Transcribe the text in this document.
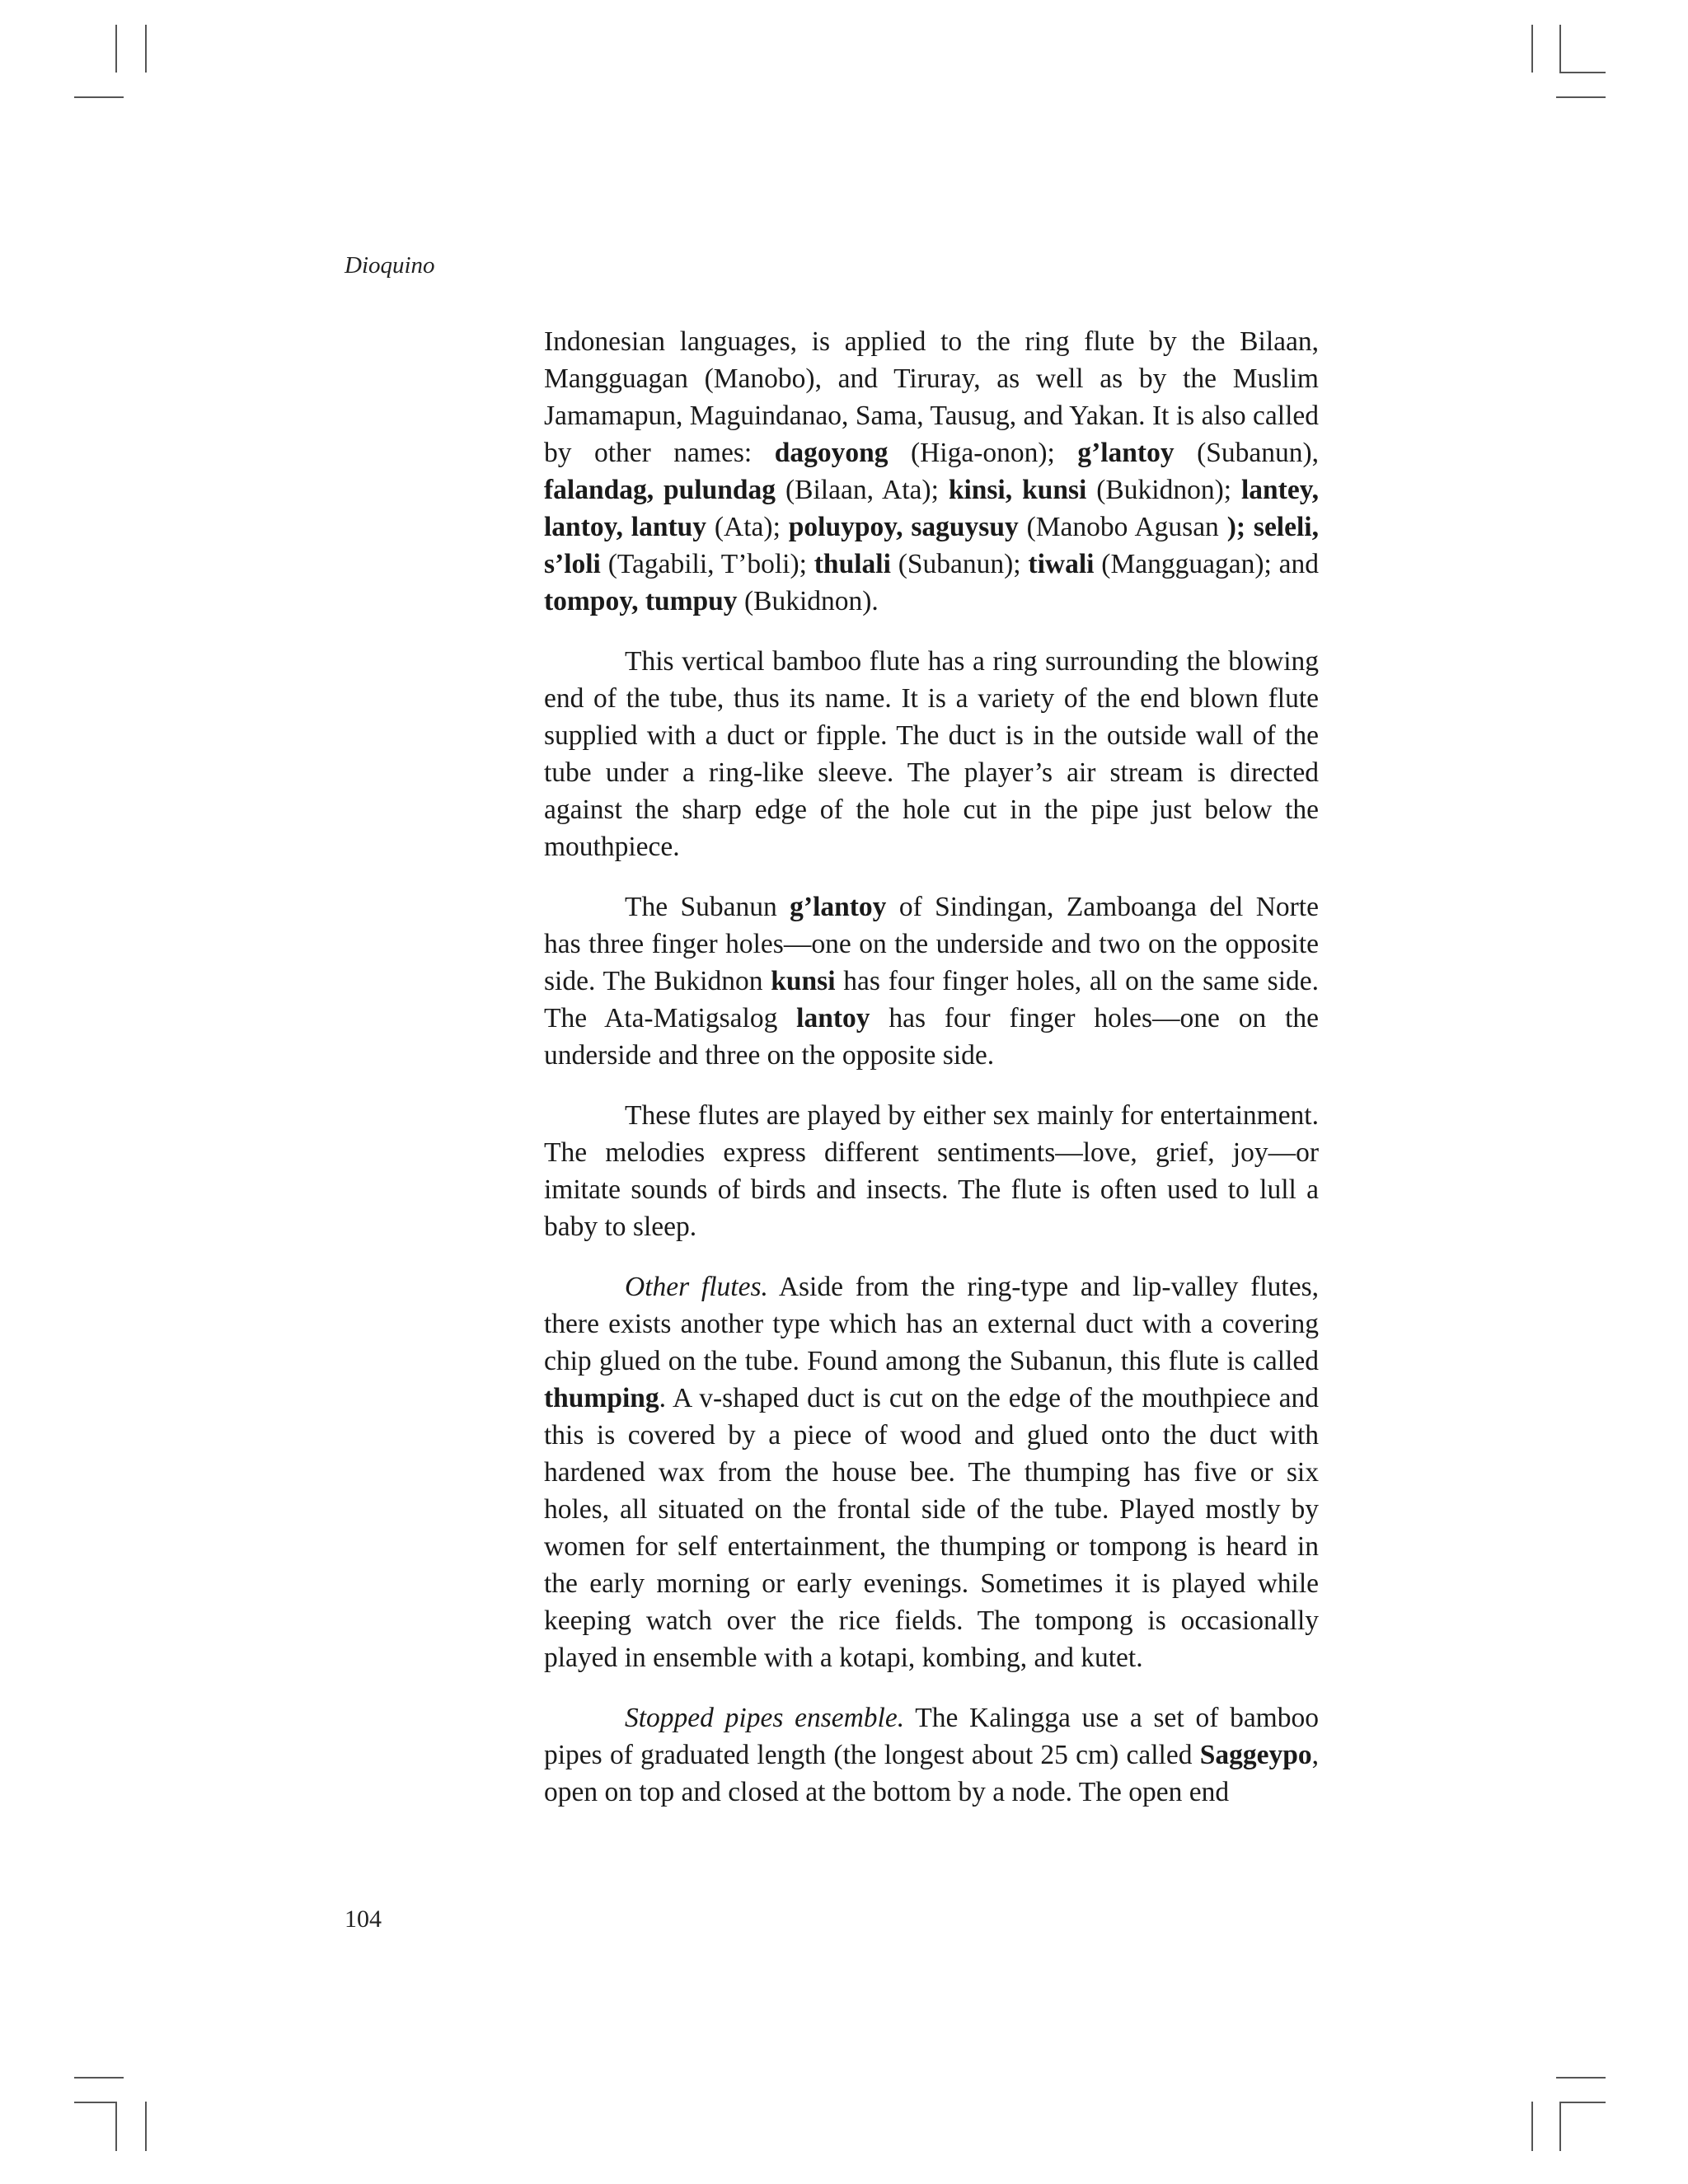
Dioquino

Indonesian languages, is applied to the ring flute by the Bilaan, Mangguagan (Manobo), and Tiruray, as well as by the Muslim Jamamapun, Maguindanao, Sama, Tausug, and Yakan. It is also called by other names: dagoyong (Higa-onon); g’lantoy (Subanun), falandag, pulundag (Bilaan, Ata); kinsi, kunsi (Bukidnon); lantey, lantoy, lantuy (Ata); poluypoy, saguysuy (Manobo Agusan ); seleli, s’loli (Tagabili, T’boli); thulali (Subanun); tiwali (Mangguagan); and tompoy, tumpuy (Bukidnon).

This vertical bamboo flute has a ring surrounding the blowing end of the tube, thus its name. It is a variety of the end blown flute supplied with a duct or fipple. The duct is in the outside wall of the tube under a ring-like sleeve. The player’s air stream is directed against the sharp edge of the hole cut in the pipe just below the mouthpiece.

The Subanun g’lantoy of Sindingan, Zamboanga del Norte has three finger holes—one on the underside and two on the opposite side. The Bukidnon kunsi has four finger holes, all on the same side. The Ata-Matigsalog lantoy has four finger holes—one on the underside and three on the opposite side.

These flutes are played by either sex mainly for entertainment. The melodies express different sentiments—love, grief, joy—or imitate sounds of birds and insects. The flute is often used to lull a baby to sleep.

Other flutes. Aside from the ring-type and lip-valley flutes, there exists another type which has an external duct with a covering chip glued on the tube. Found among the Subanun, this flute is called thumping. A v-shaped duct is cut on the edge of the mouthpiece and this is covered by a piece of wood and glued onto the duct with hardened wax from the house bee. The thumping has five or six holes, all situated on the frontal side of the tube. Played mostly by women for self entertainment, the thumping or tompong is heard in the early morning or early evenings. Sometimes it is played while keeping watch over the rice fields. The tompong is occasionally played in ensemble with a kotapi, kombing, and kutet.

Stopped pipes ensemble. The Kalingga use a set of bamboo pipes of graduated length (the longest about 25 cm) called Saggeypo, open on top and closed at the bottom by a node. The open end

104
